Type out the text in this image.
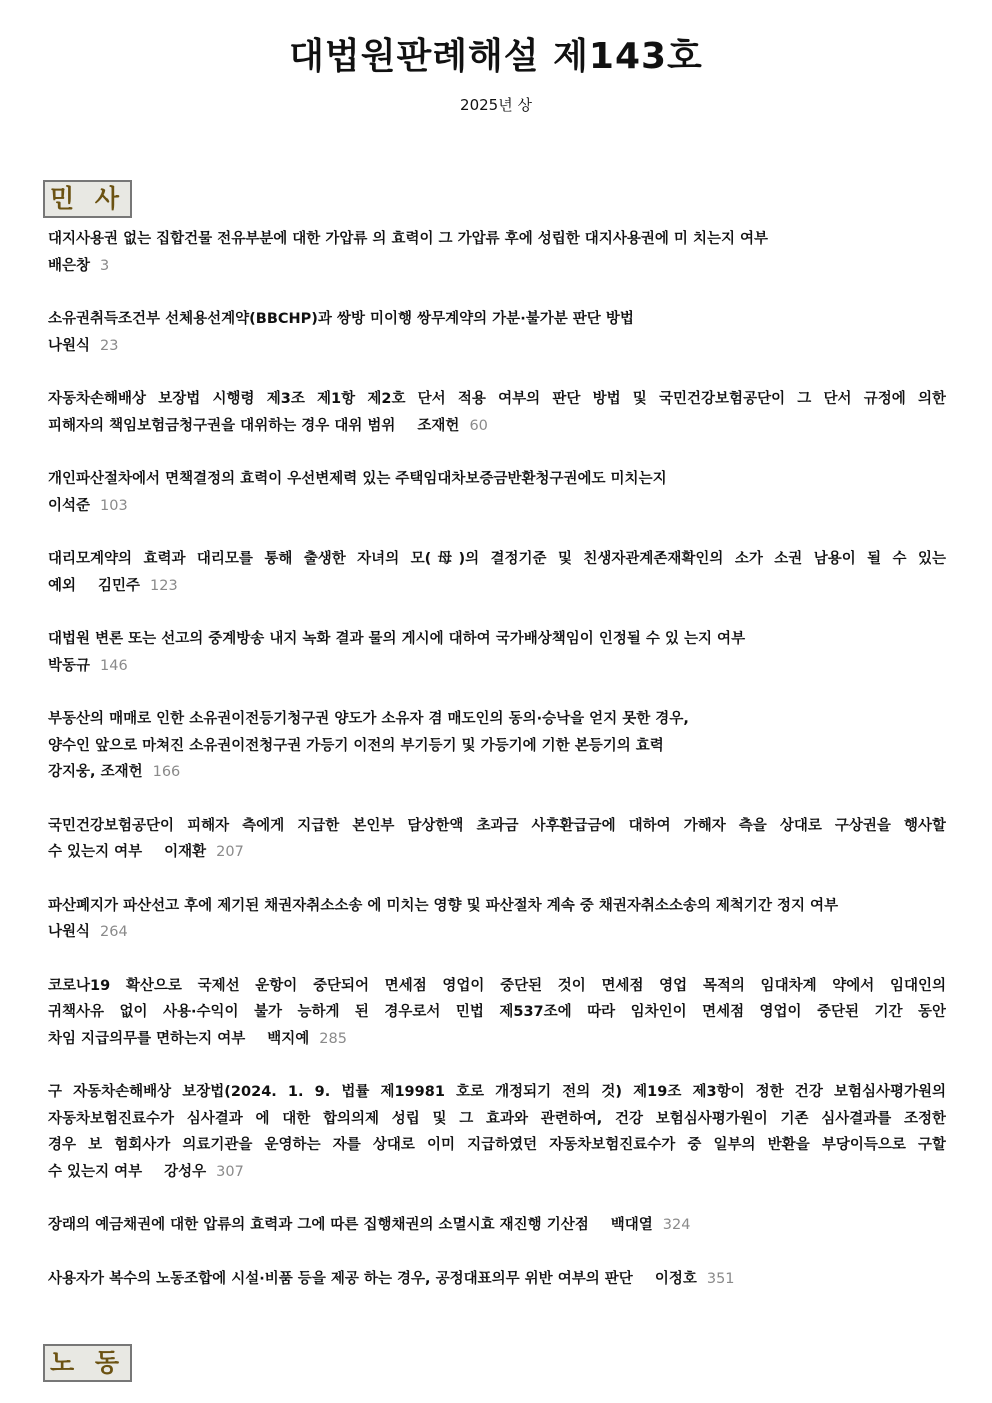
대법원판례해설 제143호
2025년 상
민 사
대지사용권 없는 집합건물 전유부분에 대한 가압류 의 효력이 그 가압류 후에 성립한 대지사용권에 미 치는지 여부
배은창 3
소유권취득조건부 선체용선계약(BBCHP)과 쌍방 미이행 쌍무계약의 가분·불가분 판단 방법
나원식 23
자동차손해배상 보장법 시행령 제3조 제1항 제2호 단서 적용 여부의 판단 방법 및 국민건강보험공단이 그 단서 규정에 의한
피해자의 책임보험금청구권을 대위하는 경우 대위 범위 조재헌 60
개인파산절차에서 면책결정의 효력이 우선변제력 있는 주택임대차보증금반환청구권에도 미치는지
이석준 103
대리모계약의 효력과 대리모를 통해 출생한 자녀의 모(母)의 결정기준 및 친생자관계존재확인의 소가 소권 남용이 될 수 있는
예외 김민주 123
대법원 변론 또는 선고의 중계방송 내지 녹화 결과 물의 게시에 대하여 국가배상책임이 인정될 수 있 는지 여부
박동규 146
부동산의 매매로 인한 소유권이전등기청구권 양도가 소유자 겸 매도인의 동의·승낙을 얻지 못한 경우,
양수인 앞으로 마쳐진 소유권이전청구권 가등기 이전의 부기등기 및 가등기에 기한 본등기의 효력
강지웅, 조재헌 166
국민건강보험공단이 피해자 측에게 지급한 본인부 담상한액 초과금 사후환급금에 대하여 가해자 측을 상대로 구상권을 행사할
수 있는지 여부 이재환 207
파산폐지가 파산선고 후에 제기된 채권자취소소송 에 미치는 영향 및 파산절차 계속 중 채권자취소소송의 제척기간 정지 여부
나원식 264
코로나19 확산으로 국제선 운항이 중단되어 면세점 영업이 중단된 것이 면세점 영업 목적의 임대차계 약에서 임대인의
귀책사유 없이 사용·수익이 불가 능하게 된 경우로서 민법 제537조에 따라 임차인이 면세점 영업이 중단된 기간 동안
차임 지급의무를 면하는지 여부 백지예 285
구 자동차손해배상 보장법(2024. 1. 9. 법률 제19981 호로 개정되기 전의 것) 제19조 제3항이 정한 건강 보험심사평가원의
자동차보험진료수가 심사결과 에 대한 합의의제 성립 및 그 효과와 관련하여, 건강 보험심사평가원이 기존 심사결과를 조정한
경우 보 험회사가 의료기관을 운영하는 자를 상대로 이미 지급하였던 자동차보험진료수가 중 일부의 반환을 부당이득으로 구할
수 있는지 여부 강성우 307
장래의 예금채권에 대한 압류의 효력과 그에 따른 집행채권의 소멸시효 재진행 기산점 백대열 324
사용자가 복수의 노동조합에 시설·비품 등을 제공 하는 경우, 공정대표의무 위반 여부의 판단 이정호 351
노 동
